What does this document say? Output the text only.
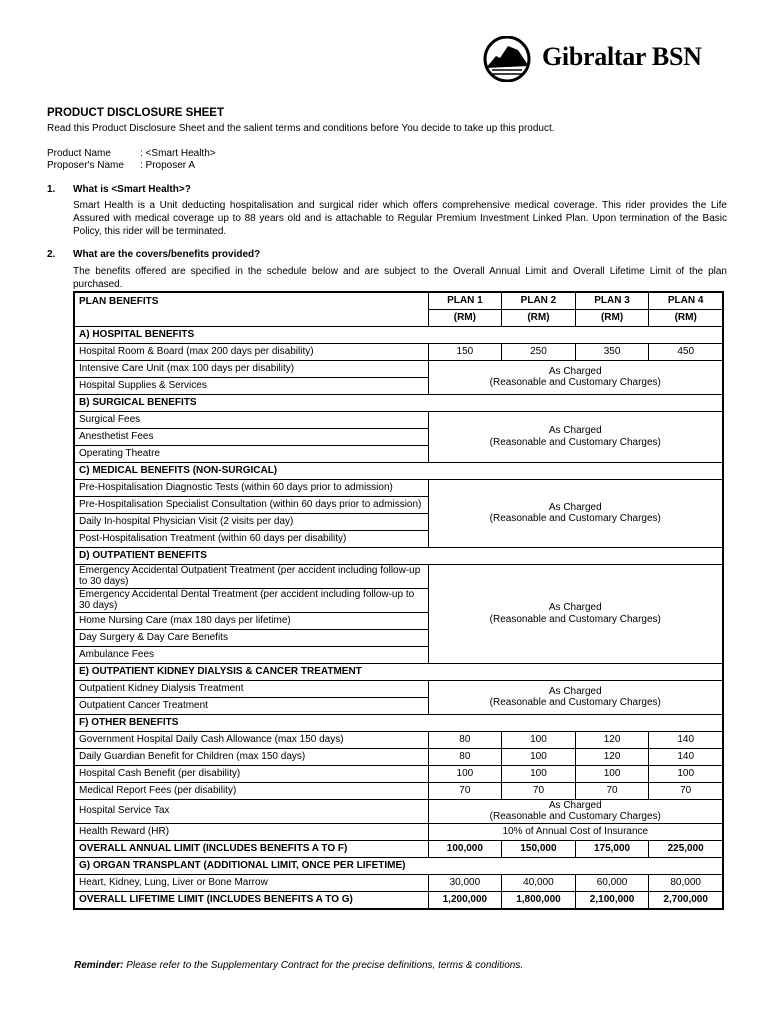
Gibraltar BSN
PRODUCT DISCLOSURE SHEET
Read this Product Disclosure Sheet and the salient terms and conditions before You decide to take up this product.
Product Name	: <Smart Health>
Proposer's Name	: Proposer A
1.	What is <Smart Health>?
Smart Health is a Unit deducting hospitalisation and surgical rider which offers comprehensive medical coverage. This rider provides the Life Assured with medical coverage up to 88 years old and is attachable to Regular Premium Investment Linked Plan. Upon termination of the Basic Policy, this rider will be terminated.
2.	What are the covers/benefits provided?
The benefits offered are specified in the schedule below and are subject to the Overall Annual Limit and Overall Lifetime Limit of the plan purchased.
PLAN BENEFITS	PLAN 1	PLAN 2	PLAN 3	PLAN 4
	(RM)	(RM)	(RM)	(RM)
A) HOSPITAL BENEFITS				
Hospital Room & Board (max 200 days per disability)	150	250	350	450
Intensive Care Unit (max 100 days per disability)	As Charged
(Reasonable and Customary Charges)			

Hospital Supplies & Services				
B) SURGICAL BENEFITS				
Surgical Fees	As Charged
(Reasonable and Customary Charges)			

Anesthetist Fees				
Operating Theatre				
C) MEDICAL BENEFITS (NON-SURGICAL)				
Pre-Hospitalisation Diagnostic Tests (within 60 days prior to admission)	As Charged
(Reasonable and Customary Charges)			

Pre-Hospitalisation Specialist Consultation (within 60 days prior to admission)				
Daily In-hospital Physician Visit (2 visits per day)				
Post-Hospitalisation Treatment (within 60 days per disability)				
D) OUTPATIENT BENEFITS				
Emergency Accidental Outpatient Treatment (per accident including follow-up to 30 days)	As Charged
(Reasonable and Customary Charges)			

Emergency Accidental Dental Treatment (per accident including follow-up to 30 days)				
Home Nursing Care (max 180 days per lifetime)				
Day Surgery & Day Care Benefits				
Ambulance Fees				
E) OUTPATIENT KIDNEY DIALYSIS & CANCER TREATMENT				
Outpatient Kidney Dialysis Treatment	As Charged
(Reasonable and Customary Charges)			

Outpatient Cancer Treatment				
F) OTHER BENEFITS				
Government Hospital Daily Cash Allowance (max 150 days)	80	100	120	140
Daily Guardian Benefit for Children (max 150 days)	80	100	120	140
Hospital Cash Benefit (per disability)	100	100	100	100
Medical Report Fees (per disability)	70	70	70	70
Hospital Service Tax	As Charged
(Reasonable and Customary Charges)			

Health Reward (HR)	10% of Annual Cost of Insurance			
OVERALL ANNUAL LIMIT (INCLUDES BENEFITS A TO F)	100,000	150,000	175,000	225,000
G) ORGAN TRANSPLANT (ADDITIONAL LIMIT, ONCE PER LIFETIME)				
Heart, Kidney, Lung, Liver or Bone Marrow	30,000	40,000	60,000	80,000
OVERALL LIFETIME LIMIT (INCLUDES BENEFITS A TO G)	1,200,000	1,800,000	2,100,000	2,700,000
Reminder: Please refer to the Supplementary Contract for the precise definitions, terms & conditions.
